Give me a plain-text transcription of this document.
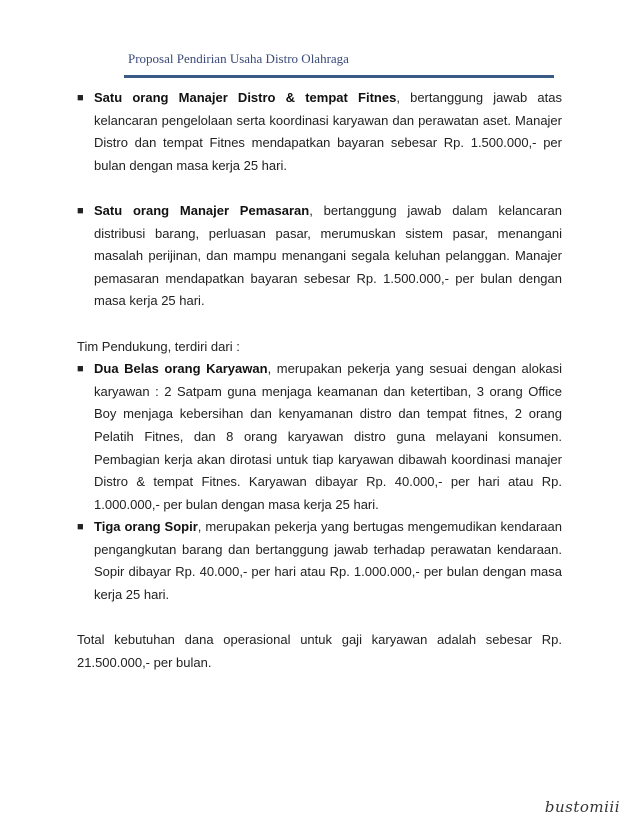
Proposal Pendirian Usaha Distro Olahraga
■ Satu orang Manajer Distro & tempat Fitnes, bertanggung jawab atas kelancaran pengelolaan serta koordinasi karyawan dan perawatan aset. Manajer Distro dan tempat Fitnes mendapatkan bayaran sebesar Rp. 1.500.000,- per bulan dengan masa kerja 25 hari.
■ Satu orang Manajer Pemasaran, bertanggung jawab dalam kelancaran distribusi barang, perluasan pasar, merumuskan sistem pasar, menangani masalah perijinan, dan mampu menangani segala keluhan pelanggan. Manajer pemasaran mendapatkan bayaran sebesar Rp. 1.500.000,- per bulan dengan masa kerja 25 hari.
Tim Pendukung, terdiri dari :
■ Dua Belas orang Karyawan, merupakan pekerja yang sesuai dengan alokasi karyawan : 2 Satpam guna menjaga keamanan dan ketertiban, 3 orang Office Boy menjaga kebersihan dan kenyamanan distro dan tempat fitnes, 2 orang Pelatih Fitnes, dan 8 orang karyawan distro guna melayani konsumen. Pembagian kerja akan dirotasi untuk tiap karyawan dibawah koordinasi manajer Distro & tempat Fitnes. Karyawan dibayar Rp. 40.000,- per hari atau Rp. 1.000.000,- per bulan dengan masa kerja 25 hari.
■ Tiga orang Sopir, merupakan pekerja yang bertugas mengemudikan kendaraan pengangkutan barang dan bertanggung jawab terhadap perawatan kendaraan. Sopir dibayar Rp. 40.000,- per hari atau Rp. 1.000.000,- per bulan dengan masa kerja 25 hari.
Total kebutuhan dana operasional untuk gaji karyawan adalah sebesar Rp. 21.500.000,- per bulan.
bustomiii
